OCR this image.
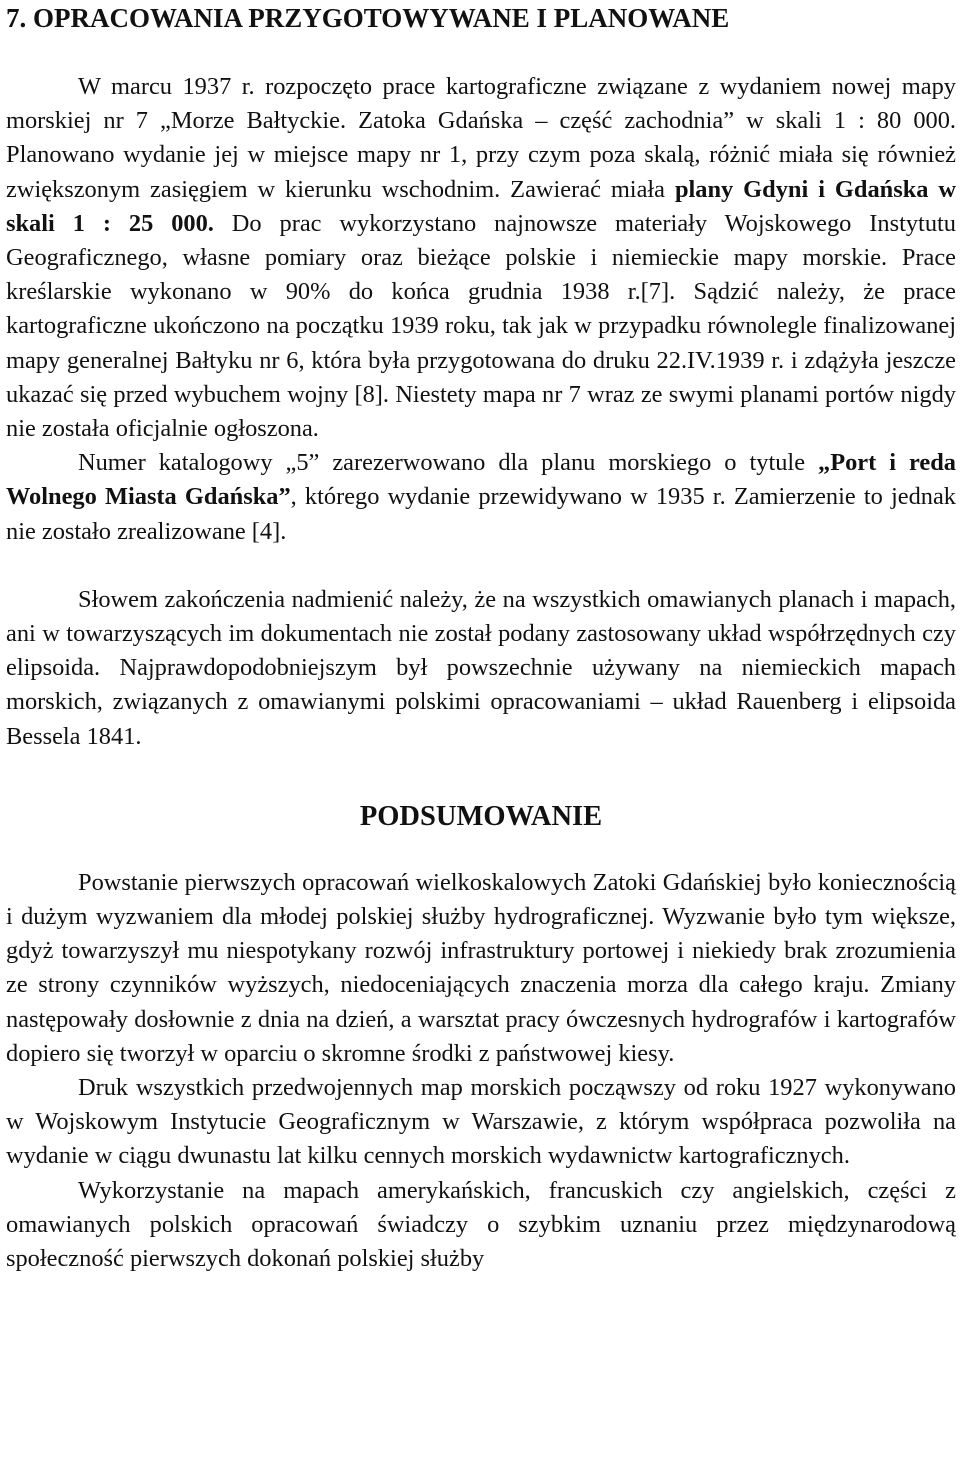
7. OPRACOWANIA PRZYGOTOWYWANE I PLANOWANE

W marcu 1937 r. rozpoczęto prace kartograficzne związane z wydaniem nowej mapy morskiej nr 7 „Morze Bałtyckie. Zatoka Gdańska – część zachodnia” w skali 1 : 80 000. Planowano wydanie jej w miejsce mapy nr 1, przy czym poza skalą, różnić miała się również zwiększonym zasięgiem w kierunku wschodnim. Zawierać miała plany Gdyni i Gdańska w skali 1 : 25 000. Do prac wykorzystano najnowsze materiały Wojskowego Instytutu Geograficznego, własne pomiary oraz bieżące polskie i niemieckie mapy morskie. Prace kreślarskie wykonano w 90% do końca grudnia 1938 r.[7]. Sądzić należy, że prace kartograficzne ukończono na początku 1939 roku, tak jak w przypadku równolegle finalizowanej mapy generalnej Bałtyku nr 6, która była przygotowana do druku 22.IV.1939 r. i zdążyła jeszcze ukazać się przed wybuchem wojny [8]. Niestety mapa nr 7 wraz ze swymi planami portów nigdy nie została oficjalnie ogłoszona.

Numer katalogowy „5” zarezerwowano dla planu morskiego o tytule „Port i reda Wolnego Miasta Gdańska”, którego wydanie przewidywano w 1935 r. Zamierzenie to jednak nie zostało zrealizowane [4].

Słowem zakończenia nadmienić należy, że na wszystkich omawianych planach i mapach, ani w towarzyszących im dokumentach nie został podany zastosowany układ współrzędnych czy elipsoida. Najprawdopodobniejszym był powszechnie używany na niemieckich mapach morskich, związanych z omawianymi polskimi opracowaniami – układ Rauenberg i elipsoida Bessela 1841.

PODSUMOWANIE

Powstanie pierwszych opracowań wielkoskalowych Zatoki Gdańskiej było koniecznością i dużym wyzwaniem dla młodej polskiej służby hydrograficznej. Wyzwanie było tym większe, gdyż towarzyszył mu niespotykany rozwój infrastruktury portowej i niekiedy brak zrozumienia ze strony czynników wyższych, niedoceniających znaczenia morza dla całego kraju. Zmiany następowały dosłownie z dnia na dzień, a warsztat pracy ówczesnych hydrografów i kartografów dopiero się tworzył w oparciu o skromne środki z państwowej kiesy.

Druk wszystkich przedwojennych map morskich począwszy od roku 1927 wykonywano w Wojskowym Instytucie Geograficznym w Warszawie, z którym współpraca pozwoliła na wydanie w ciągu dwunastu lat kilku cennych morskich wydawnictw kartograficznych.

Wykorzystanie na mapach amerykańskich, francuskich czy angielskich, części z omawianych polskich opracowań świadczy o szybkim uznaniu przez międzynarodową społeczność pierwszych dokonań polskiej służby
